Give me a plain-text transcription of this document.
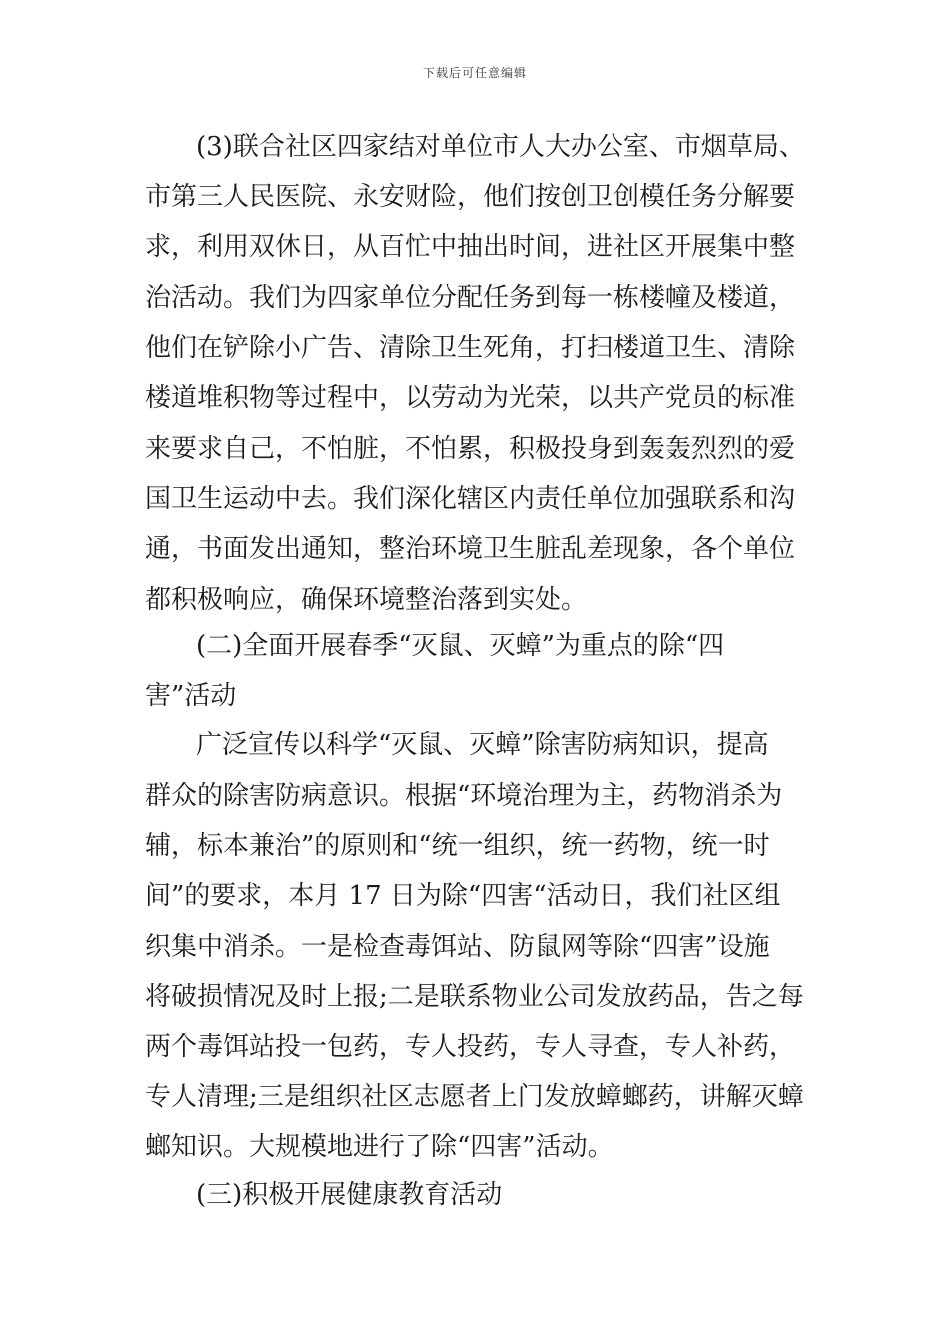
下载后可任意编辑
(3)联合社区四家结对单位市人大办公室、市烟草局、
市第三人民医院、永安财险，他们按创卫创模任务分解要
求，利用双休日，从百忙中抽出时间，进社区开展集中整
治活动。我们为四家单位分配任务到每一栋楼幢及楼道，
他们在铲除小广告、清除卫生死角，打扫楼道卫生、清除
楼道堆积物等过程中，以劳动为光荣，以共产党员的标准
来要求自己，不怕脏，不怕累，积极投身到轰轰烈烈的爱
国卫生运动中去。我们深化辖区内责任单位加强联系和沟
通，书面发出通知，整治环境卫生脏乱差现象，各个单位
都积极响应，确保环境整治落到实处。
(二)全面开展春季“灭鼠、灭蟑”为重点的除“四
害”活动
广泛宣传以科学“灭鼠、灭蟑”除害防病知识，提高
群众的除害防病意识。根据“环境治理为主，药物消杀为
辅，标本兼治”的原则和“统一组织，统一药物，统一时
间”的要求，本月 17 日为除“四害“活动日，我们社区组
织集中消杀。一是检查毒饵站、防鼠网等除“四害”设施
将破损情况及时上报;二是联系物业公司发放药品，告之每
两个毒饵站投一包药，专人投药，专人寻查，专人补药，
专人清理;三是组织社区志愿者上门发放蟑螂药，讲解灭蟑
螂知识。大规模地进行了除“四害”活动。
(三)积极开展健康教育活动
